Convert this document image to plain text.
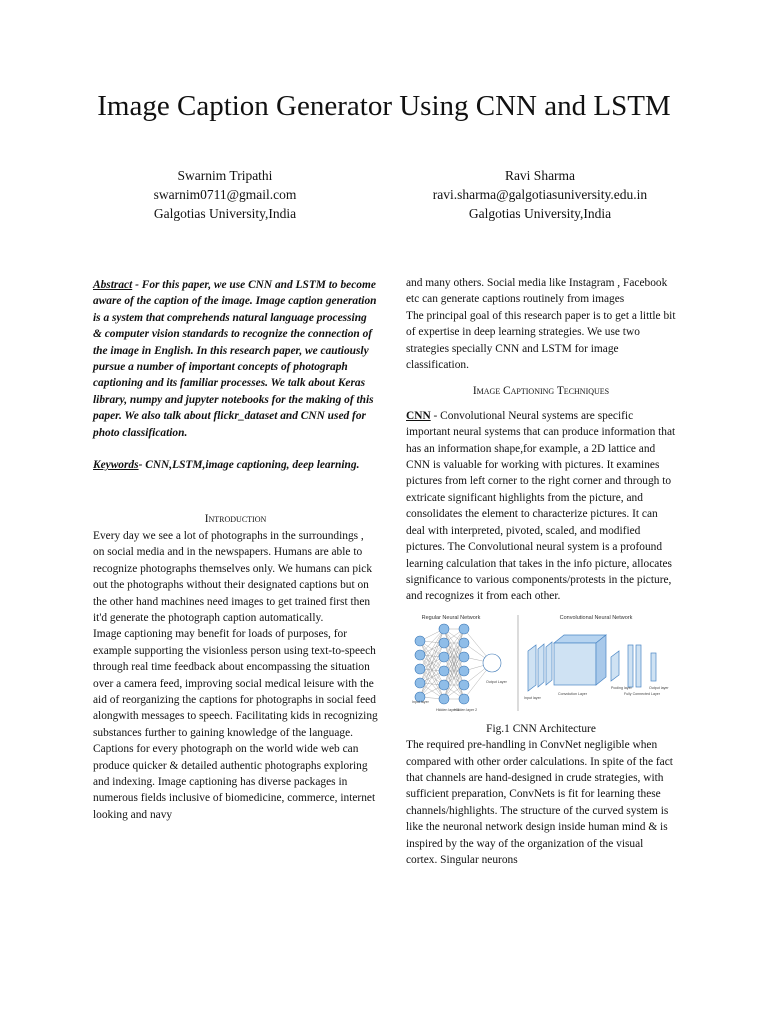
Image Caption Generator Using CNN and LSTM
Swarnim Tripathi
swarnim0711@gmail.com
Galgotias University,India
Ravi Sharma
ravi.sharma@galgotiasuniversity.edu.in
Galgotias University,India

Abstract - For this paper, we use CNN and LSTM to become aware of the caption of the image. Image caption generation is a system that comprehends natural language processing & computer vision standards to recognize the connection of the image in English. In this research paper, we cautiously pursue a number of important concepts of photograph captioning and its familiar processes. We talk about Keras library, numpy and jupyter notebooks for the making of this paper. We also talk about flickr_dataset and CNN used for photo classification.

Keywords- CNN,LSTM,image captioning, deep learning.

Introduction

Every day we see a lot of photographs in the surroundings , on social media and in the newspapers. Humans are able to recognize photographs themselves only. We humans can pick out the photographs without their designated captions but on the other hand machines need images to get trained first then it'd generate the photograph caption automatically.

Image captioning may benefit for loads of purposes, for example supporting the visionless person using text-to-speech through real time feedback about encompassing the situation over a camera feed, improving social medical leisure with the aid of reorganizing the captions for photographs in social feed alongwith messages to speech. Facilitating kids in recognizing substances further to gaining knowledge of the language. Captions for every photograph on the world wide web can produce quicker & detailed authentic photographs exploring and indexing. Image captioning has diverse packages in numerous fields inclusive of biomedicine, commerce, internet looking and navy

and many others. Social media like Instagram , Facebook etc can generate captions routinely from images

The principal goal of this research paper is to get a little bit of expertise in deep learning strategies. We use two strategies specially CNN and LSTM for image classification.

Image Captioning Techniques

CNN - Convolutional Neural systems are specific important neural systems that can produce information that has an information shape,for example, a 2D lattice and CNN is valuable for working with pictures. It examines pictures from left corner to the right corner and through to extricate significant highlights from the picture, and consolidates the element to characterize pictures. It can deal with interpreted, pivoted, scaled, and modified pictures. The Convolutional neural system is a profound learning calculation that takes in the info picture, allocates significance to various components/protests in the picture, and recognizes it from each other.

Regular Neural Network	Convolutional Neural Network
Input layer
Hidden layer 1
Hidden layer 2
Output Layer
Input layer
Convolution Layer
Pooling layer
Fully Connected Layer
Output layer
Fig.1 CNN Architecture

The required pre-handling in ConvNet negligible when compared with other order calculations. In spite of the fact that channels are hand-designed in crude strategies, with sufficient preparation, ConvNets is fit for learning these channels/highlights. The structure of the curved system is like the neuronal network design inside human mind & is inspired by the way of the organization of the visual cortex. Singular neurons
